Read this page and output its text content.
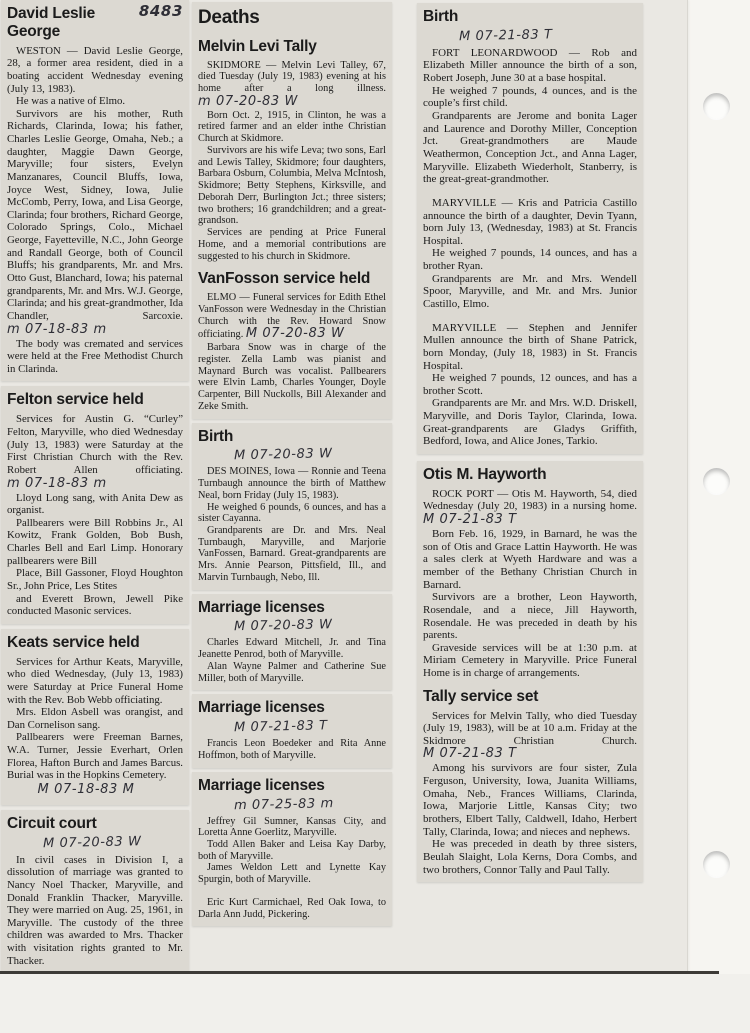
8483
David Leslie George

WESTON — David Leslie George, 28, a former area resident, died in a boating accident Wednesday evening (July 13, 1983).

He was a native of Elmo.

Survivors are his mother, Ruth Richards, Clarinda, Iowa; his father, Charles Leslie George, Omaha, Neb.; a daughter, Maggie Dawn George, Maryville; four sisters, Evelyn Manzanares, Council Bluffs, Iowa, Joyce West, Sidney, Iowa, Julie McComb, Perry, Iowa, and Lisa George, Clarinda; four brothers, Richard George, Colorado Springs, Colo., Michael George, Fayetteville, N.C., John George and Randall George, both of Council Bluffs; his grandparents, Mr. and Mrs. Otto Gust, Blanchard, Iowa; his paternal grandparents, Mr. and Mrs. W.J. George, Clarinda; and his great-grandmother, Ida Chandler, Sarcoxie. m 07-18-83 m

The body was cremated and services were held at the Free Methodist Church in Clarinda.

Felton service held

Services for Austin G. “Curley” Felton, Maryville, who died Wednesday (July 13, 1983) were Saturday at the First Christian Church with the Rev. Robert Allen officiating. m 07-18-83 m

Lloyd Long sang, with Anita Dew as organist.

Pallbearers were Bill Robbins Jr., Al Kowitz, Frank Golden, Bob Bush, Charles Bell and Earl Limp. Honorary pallbearers were Bill

Place, Bill Gassoner, Floyd Houghton Sr., John Price, Les Stites

and Everett Brown, Jewell Pike conducted Masonic services.

Keats service held

Services for Arthur Keats, Maryville, who died Wednesday, (July 13, 1983) were Saturday at Price Funeral Home with the Rev. Bob Webb officiating.

Mrs. Eldon Asbell was orangist, and Dan Cornelison sang.

Pallbearers were Freeman Barnes, W.A. Turner, Jessie Everhart, Orlen Florea, Hafton Burch and James Barcus. Burial was in the Hopkins Cemetery.

M 07-18-83 M
Circuit court
M 07-20-83 W

In civil cases in Division I, a dissolution of marriage was granted to Nancy Noel Thacker, Maryville, and Donald Franklin Thacker, Maryville. They were married on Aug. 25, 1961, in Maryville. The custody of the three children was awarded to Mrs. Thacker with visitation rights granted to Mr. Thacker.

Deaths
Melvin Levi Tally

SKIDMORE — Melvin Levi Talley, 67, died Tuesday (July 19, 1983) evening at his home after a long illness. m 07-20-83 W

Born Oct. 2, 1915, in Clinton, he was a retired farmer and an elder inthe Christian Church at Skidmore.

Survivors are his wife Leva; two sons, Earl and Lewis Talley, Skidmore; four daughters, Barbara Osburn, Columbia, Melva McIntosh, Skidmore; Betty Stephens, Kirksville, and Deborah Derr, Burlington Jct.; three sisters; two brothers; 16 grandchildren; and a great-grandson.

Services are pending at Price Funeral Home, and a memorial contributions are suggested to his church in Skidmore.

VanFosson service held

ELMO — Funeral services for Edith Ethel VanFosson were Wednesday in the Christian Church with the Rev. Howard Snow officiating. M 07-20-83 W

Barbara Snow was in charge of the register. Zella Lamb was pianist and Maynard Burch was vocalist. Pallbearers were Elvin Lamb, Charles Younger, Doyle Carpenter, Bill Nuckolls, Bill Alexander and Zeke Smith.

Birth
M 07-20-83 W

DES MOINES, Iowa — Ronnie and Teena Turnbaugh announce the birth of Matthew Neal, born Friday (July 15, 1983).

He weighed 6 pounds, 6 ounces, and has a sister Cayanna.

Grandparents are Dr. and Mrs. Neal Turnbaugh, Maryville, and Marjorie VanFossen, Barnard. Great-grandparents are Mrs. Annie Pearson, Pittsfield, Ill., and Marvin Turnbaugh, Nebo, Ill.

Marriage licenses
M 07-20-83 W

Charles Edward Mitchell, Jr. and Tina Jeanette Penrod, both of Maryville.

Alan Wayne Palmer and Catherine Sue Miller, both of Maryville.

Marriage licenses
M 07-21-83 T

Francis Leon Boedeker and Rita Anne Hoffmon, both of Maryville.

Marriage licenses
m 07-25-83 m

Jeffrey Gil Sumner, Kansas City, and Loretta Anne Goerlitz, Maryville.

Todd Allen Baker and Leisa Kay Darby, both of Maryville.

James Weldon Lett and Lynette Kay Spurgin, both of Maryville.

Eric Kurt Carmichael, Red Oak Iowa, to Darla Ann Judd, Pickering.

Birth
M 07-21-83 T

FORT LEONARDWOOD — Rob and Elizabeth Miller announce the birth of a son, Robert Joseph, June 30 at a base hospital.

He weighed 7 pounds, 4 ounces, and is the couple’s first child.

Grandparents are Jerome and bonita Lager and Laurence and Dorothy Miller, Conception Jct. Great-grandmothers are Maude Weathermon, Conception Jct., and Anna Lager, Maryville. Elizabeth Wiederholt, Stanberry, is the great-great-grandmother.

MARYVILLE — Kris and Patricia Castillo announce the birth of a daughter, Devin Tyann, born July 13, (Wednesday, 1983) at St. Francis Hospital.

He weighed 7 pounds, 14 ounces, and has a brother Ryan.

Grandparents are Mr. and Mrs. Wendell Spoor, Maryville, and Mr. and Mrs. Junior Castillo, Elmo.

MARYVILLE — Stephen and Jennifer Mullen announce the birth of Shane Patrick, born Monday, (July 18, 1983) in St. Francis Hospital.

He weighed 7 pounds, 12 ounces, and has a brother Scott.

Grandparents are Mr. and Mrs. W.D. Driskell, Maryville, and Doris Taylor, Clarinda, Iowa. Great-grandparents are Gladys Griffith, Bedford, Iowa, and Alice Jones, Tarkio.

Otis M. Hayworth

ROCK PORT — Otis M. Hayworth, 54, died Wednesday (July 20, 1983) in a nursing home. M 07-21-83 T

Born Feb. 16, 1929, in Barnard, he was the son of Otis and Grace Lattin Hayworth. He was a sales clerk at Wyeth Hardware and was a member of the Bethany Christian Church in Barnard.

Survivors are a brother, Leon Hayworth, Rosendale, and a niece, Jill Hayworth, Rosendale. He was preceded in death by his parents.

Graveside services will be at 1:30 p.m. at Miriam Cemetery in Maryville. Price Funeral Home is in charge of arrangements.

Tally service set

Services for Melvin Tally, who died Tuesday (July 19, 1983), will be at 10 a.m. Friday at the Skidmore Christian Church. M 07-21-83 T

Among his survivors are four sister, Zula Ferguson, University, Iowa, Juanita Williams, Omaha, Neb., Frances Williams, Clarinda, Iowa, Marjorie Little, Kansas City; two brothers, Elbert Tally, Caldwell, Idaho, Herbert Tally, Clarinda, Iowa; and nieces and nephews.

He was preceded in death by three sisters, Beulah Slaight, Lola Kerns, Dora Combs, and two brothers, Connor Tally and Paul Tally.
